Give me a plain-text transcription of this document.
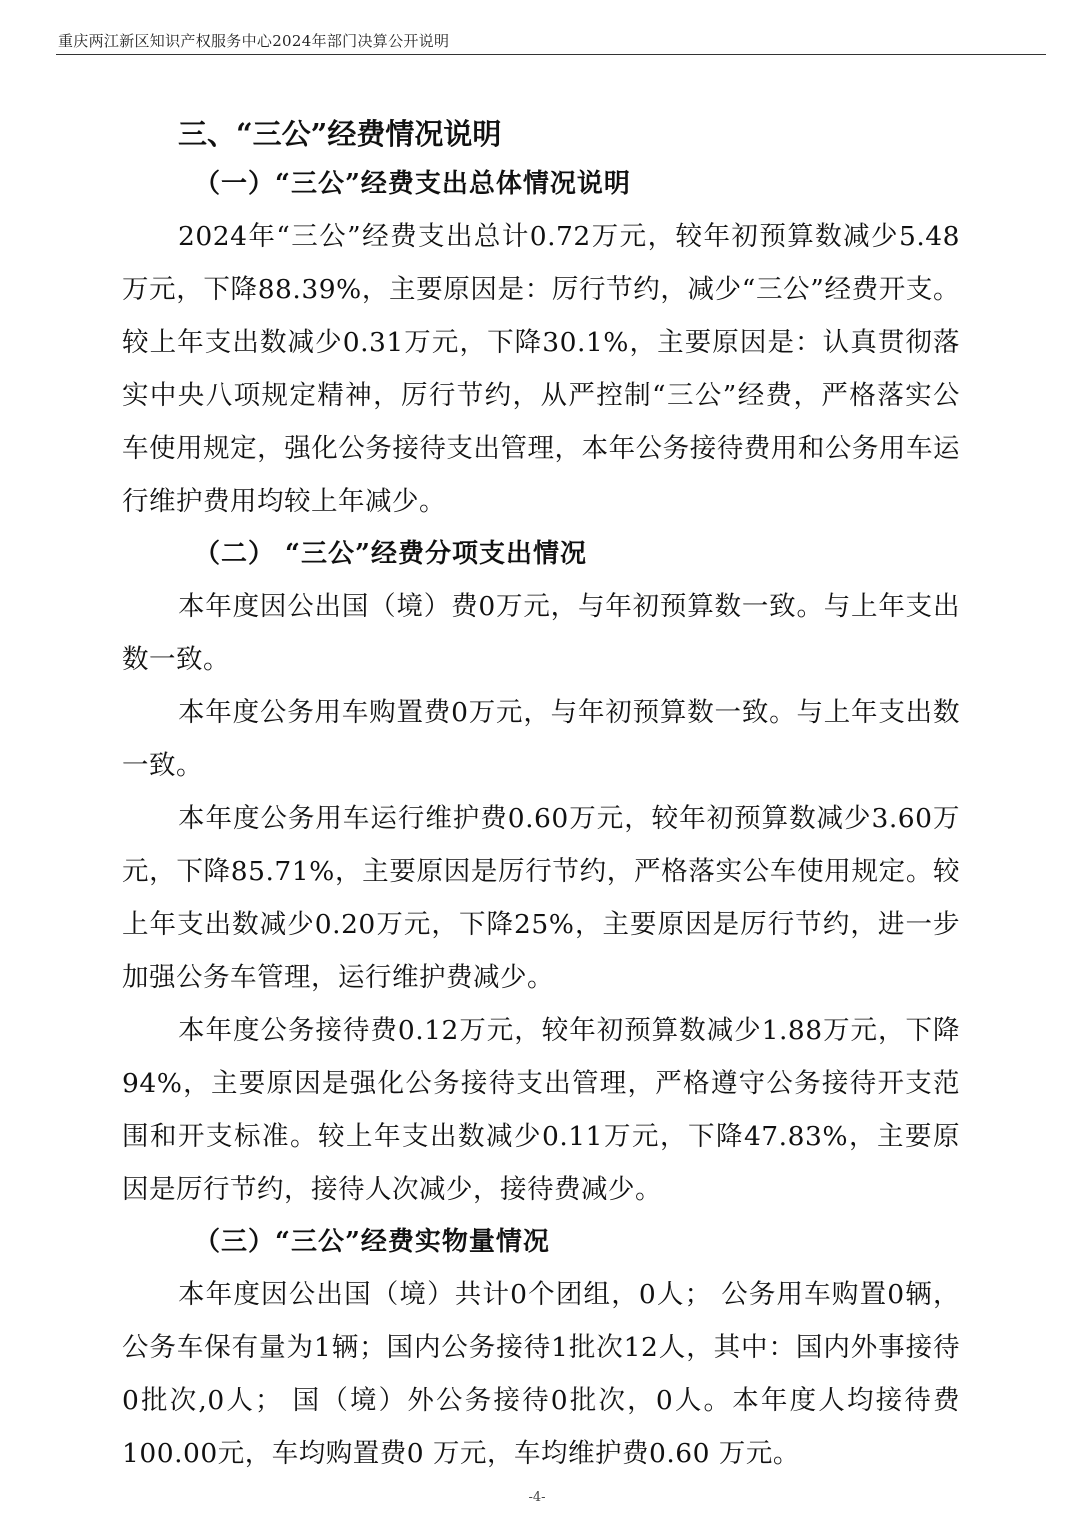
重庆两江新区知识产权服务中心2024年部门决算公开说明
三、“三公”经费情况说明
（一）“三公”经费支出总体情况说明

2024年“三公”经费支出总计0.72万元，较年初预算数减少5.48万元，下降88.39%，主要原因是：厉行节约，减少“三公”经费开支。较上年支出数减少0.31万元，下降30.1%，主要原因是：认真贯彻落实中央八项规定精神，厉行节约，从严控制“三公”经费，严格落实公车使用规定，强化公务接待支出管理，本年公务接待费用和公务用车运行维护费用均较上年减少。

（二） “三公”经费分项支出情况

本年度因公出国（境）费0万元，与年初预算数一致。与上年支出数一致。

本年度公务用车购置费0万元，与年初预算数一致。与上年支出数一致。

本年度公务用车运行维护费0.60万元，较年初预算数减少3.60万元，下降85.71%，主要原因是厉行节约，严格落实公车使用规定。较上年支出数减少0.20万元，下降25%，主要原因是厉行节约，进一步加强公务车管理，运行维护费减少。

本年度公务接待费0.12万元，较年初预算数减少1.88万元，下降94%，主要原因是强化公务接待支出管理，严格遵守公务接待开支范围和开支标准。较上年支出数减少0.11万元，下降47.83%，主要原因是厉行节约，接待人次减少，接待费减少。

（三）“三公”经费实物量情况

本年度因公出国（境）共计0个团组，0人； 公务用车购置0辆，公务车保有量为1辆；国内公务接待1批次12人，其中：国内外事接待0批次,0人； 国（境）外公务接待0批次，0人。本年度人均接待费100.00元，车均购置费0 万元，车均维护费0.60 万元。

-4-
